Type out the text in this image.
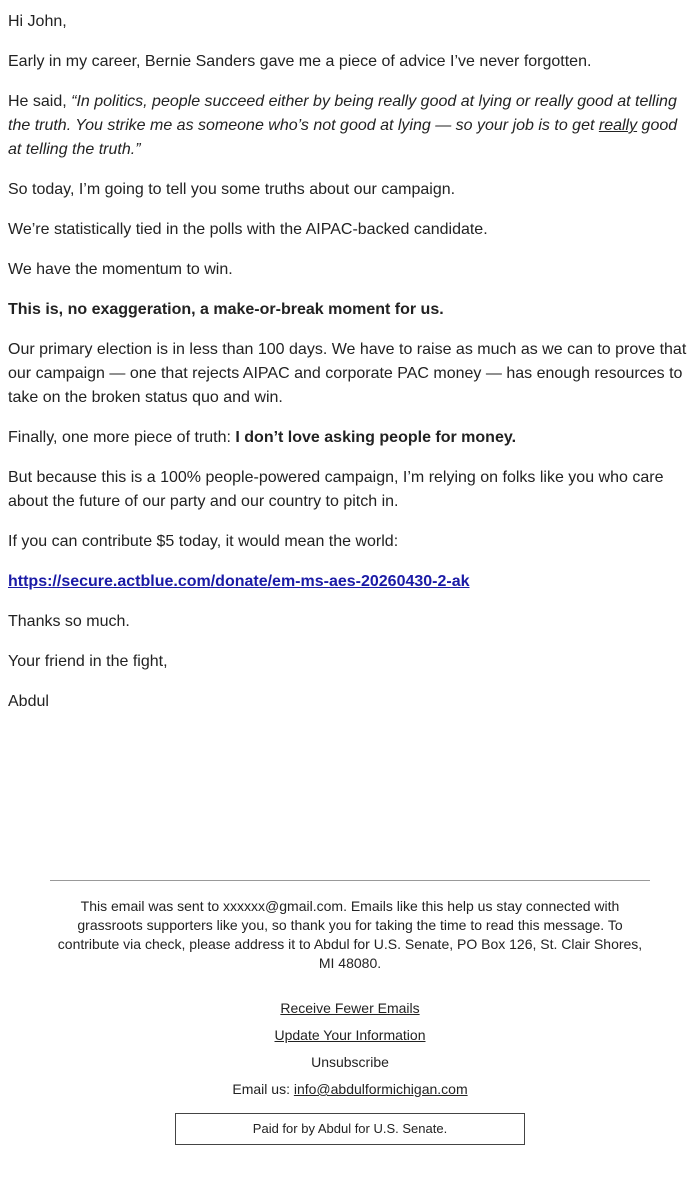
Hi John,

Early in my career, Bernie Sanders gave me a piece of advice I’ve never forgotten.

He said, “In politics, people succeed either by being really good at lying or really good at telling the truth. You strike me as someone who’s not good at lying — so your job is to get really good at telling the truth.”

So today, I’m going to tell you some truths about our campaign.

We’re statistically tied in the polls with the AIPAC-backed candidate.

We have the momentum to win.

This is, no exaggeration, a make-or-break moment for us.

Our primary election is in less than 100 days. We have to raise as much as we can to prove that our campaign — one that rejects AIPAC and corporate PAC money — has enough resources to take on the broken status quo and win.

Finally, one more piece of truth: I don’t love asking people for money.

But because this is a 100% people-powered campaign, I’m relying on folks like you who care about the future of our party and our country to pitch in.

If you can contribute $5 today, it would mean the world:

https://secure.actblue.com/donate/em-ms-aes-20260430-2-ak

Thanks so much.

Your friend in the fight,

Abdul

This email was sent to xxxxxx@gmail.com. Emails like this help us stay connected with grassroots supporters like you, so thank you for taking the time to read this message. To contribute via check, please address it to Abdul for U.S. Senate, PO Box 126, St. Clair Shores, MI 48080.
Receive Fewer Emails
Update Your Information
Unsubscribe
Email us: info@abdulformichigan.com
Paid for by Abdul for U.S. Senate.
